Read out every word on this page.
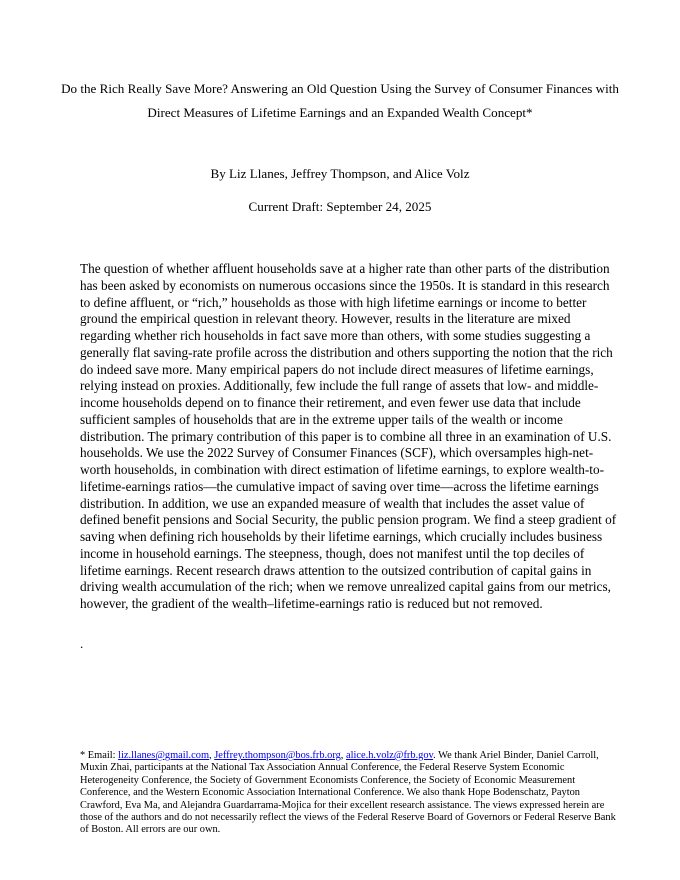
Do the Rich Really Save More? Answering an Old Question Using the Survey of Consumer Finances with Direct Measures of Lifetime Earnings and an Expanded Wealth Concept*
By Liz Llanes, Jeffrey Thompson, and Alice Volz
Current Draft: September 24, 2025
The question of whether affluent households save at a higher rate than other parts of the distribution has been asked by economists on numerous occasions since the 1950s. It is standard in this research to define affluent, or “rich,” households as those with high lifetime earnings or income to better ground the empirical question in relevant theory. However, results in the literature are mixed regarding whether rich households in fact save more than others, with some studies suggesting a generally flat saving-rate profile across the distribution and others supporting the notion that the rich do indeed save more. Many empirical papers do not include direct measures of lifetime earnings, relying instead on proxies. Additionally, few include the full range of assets that low- and middle-income households depend on to finance their retirement, and even fewer use data that include sufficient samples of households that are in the extreme upper tails of the wealth or income distribution. The primary contribution of this paper is to combine all three in an examination of U.S. households. We use the 2022 Survey of Consumer Finances (SCF), which oversamples high-net-worth households, in combination with direct estimation of lifetime earnings, to explore wealth-to-lifetime-earnings ratios—the cumulative impact of saving over time—across the lifetime earnings distribution. In addition, we use an expanded measure of wealth that includes the asset value of defined benefit pensions and Social Security, the public pension program. We find a steep gradient of saving when defining rich households by their lifetime earnings, which crucially includes business income in household earnings. The steepness, though, does not manifest until the top deciles of lifetime earnings. Recent research draws attention to the outsized contribution of capital gains in driving wealth accumulation of the rich; when we remove unrealized capital gains from our metrics, however, the gradient of the wealth–lifetime-earnings ratio is reduced but not removed.
.
* Email: liz.llanes@gmail.com, Jeffrey.thompson@bos.frb.org, alice.h.volz@frb.gov. We thank Ariel Binder, Daniel Carroll, Muxin Zhai, participants at the National Tax Association Annual Conference, the Federal Reserve System Economic Heterogeneity Conference, the Society of Government Economists Conference, the Society of Economic Measurement Conference, and the Western Economic Association International Conference. We also thank Hope Bodenschatz, Payton Crawford, Eva Ma, and Alejandra Guardarrama-Mojica for their excellent research assistance. The views expressed herein are those of the authors and do not necessarily reflect the views of the Federal Reserve Board of Governors or Federal Reserve Bank of Boston. All errors are our own.
